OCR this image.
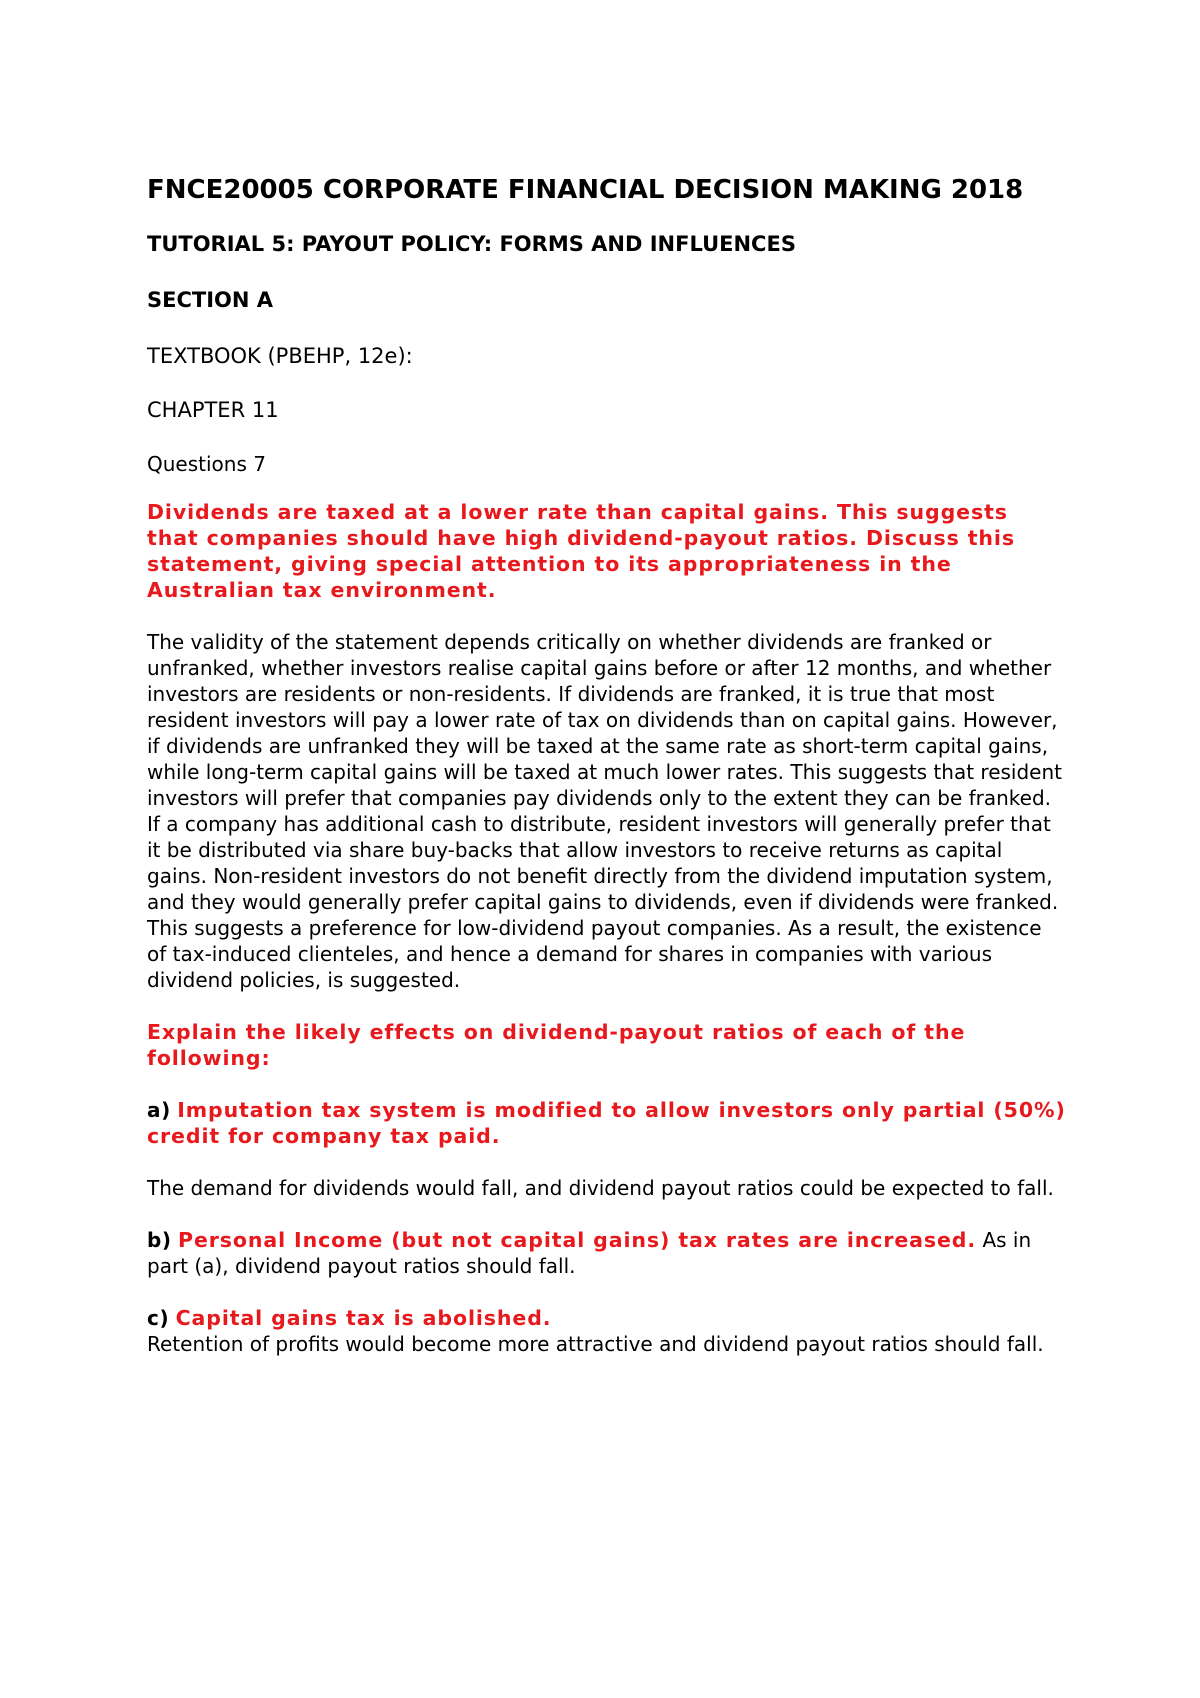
FNCE20005 CORPORATE FINANCIAL DECISION MAKING 2018
TUTORIAL 5: PAYOUT POLICY: FORMS AND INFLUENCES
SECTION A
TEXTBOOK (PBEHP, 12e):
CHAPTER 11
Questions 7
Dividends are taxed at a lower rate than capital gains. This suggests that companies should have high dividend-payout ratios. Discuss this statement, giving special attention to its appropriateness in the Australian tax environment.
The validity of the statement depends critically on whether dividends are franked or unfranked, whether investors realise capital gains before or after 12 months, and whether investors are residents or non-residents. If dividends are franked, it is true that most resident investors will pay a lower rate of tax on dividends than on capital gains. However, if dividends are unfranked they will be taxed at the same rate as short-term capital gains, while long-term capital gains will be taxed at much lower rates. This suggests that resident investors will prefer that companies pay dividends only to the extent they can be franked. If a company has additional cash to distribute, resident investors will generally prefer that it be distributed via share buy-backs that allow investors to receive returns as capital gains. Non-resident investors do not benefit directly from the dividend imputation system, and they would generally prefer capital gains to dividends, even if dividends were franked. This suggests a preference for low-dividend payout companies. As a result, the existence of tax-induced clienteles, and hence a demand for shares in companies with various dividend policies, is suggested.
Explain the likely effects on dividend-payout ratios of each of the following:
a) Imputation tax system is modified to allow investors only partial (50%) credit for company tax paid.
The demand for dividends would fall, and dividend payout ratios could be expected to fall.
b) Personal Income (but not capital gains) tax rates are increased. As in part (a), dividend payout ratios should fall.
c) Capital gains tax is abolished.
Retention of profits would become more attractive and dividend payout ratios should fall.
